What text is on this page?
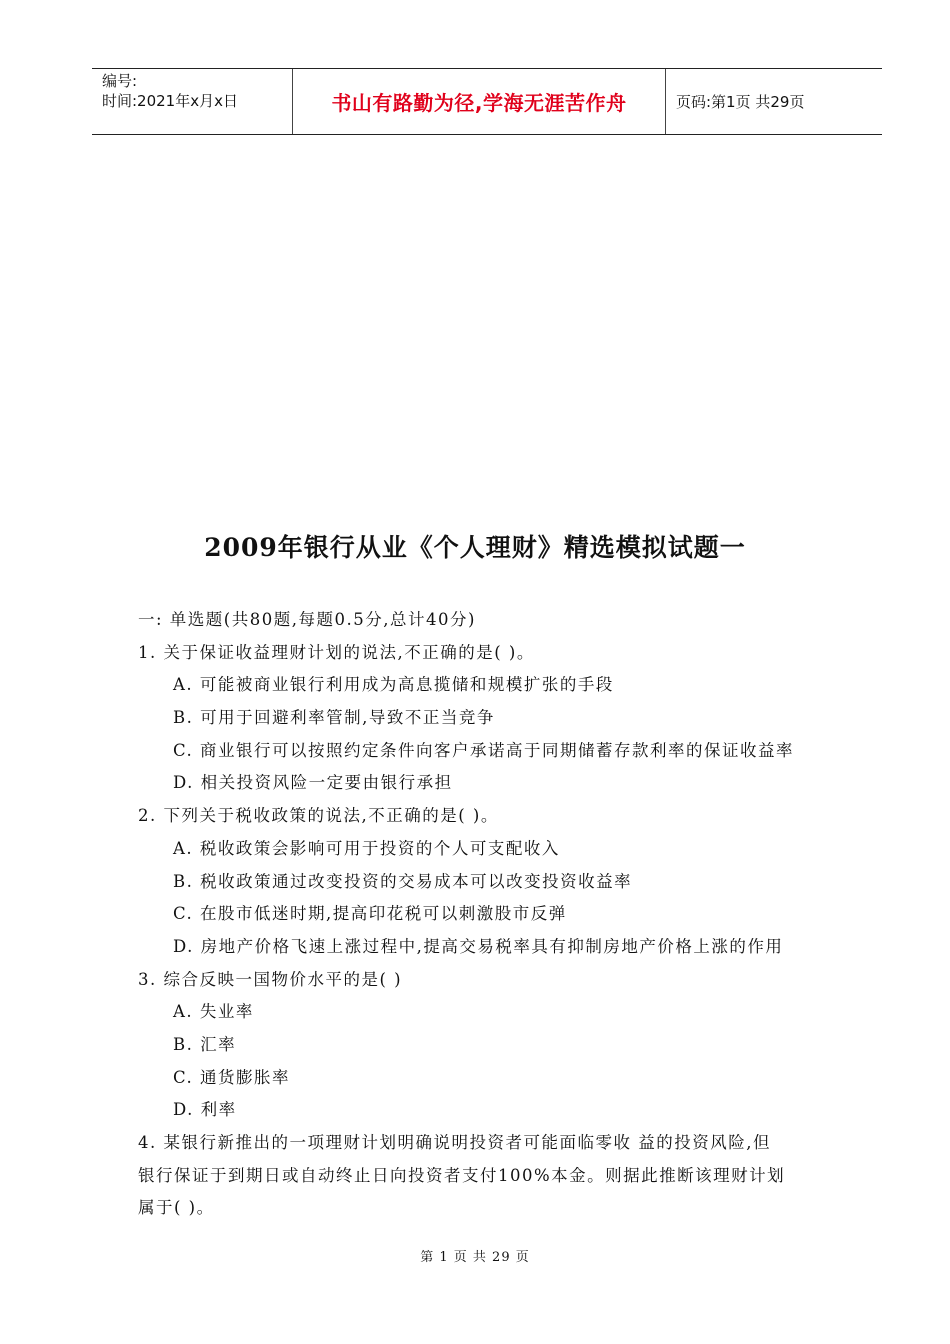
编号:
时间:2021年x月x日	书山有路勤为径,学海无涯苦作舟	页码:第1页 共29页
2009年银行从业《个人理财》精选模拟试题一
一: 单选题(共80题,每题0.5分,总计40分)
1. 关于保证收益理财计划的说法,不正确的是( )。
A. 可能被商业银行利用成为高息揽储和规模扩张的手段
B. 可用于回避利率管制,导致不正当竞争
C. 商业银行可以按照约定条件向客户承诺高于同期储蓄存款利率的保证收益率
D. 相关投资风险一定要由银行承担
2. 下列关于税收政策的说法,不正确的是( )。
A. 税收政策会影响可用于投资的个人可支配收入
B. 税收政策通过改变投资的交易成本可以改变投资收益率
C. 在股市低迷时期,提高印花税可以刺激股市反弹
D. 房地产价格飞速上涨过程中,提高交易税率具有抑制房地产价格上涨的作用
3. 综合反映一国物价水平的是( )
A. 失业率
B. 汇率
C. 通货膨胀率
D. 利率
4. 某银行新推出的一项理财计划明确说明投资者可能面临零收 益的投资风险,但
银行保证于到期日或自动终止日向投资者支付100%本金。则据此推断该理财计划
属于( )。
第 1 页 共 29 页
